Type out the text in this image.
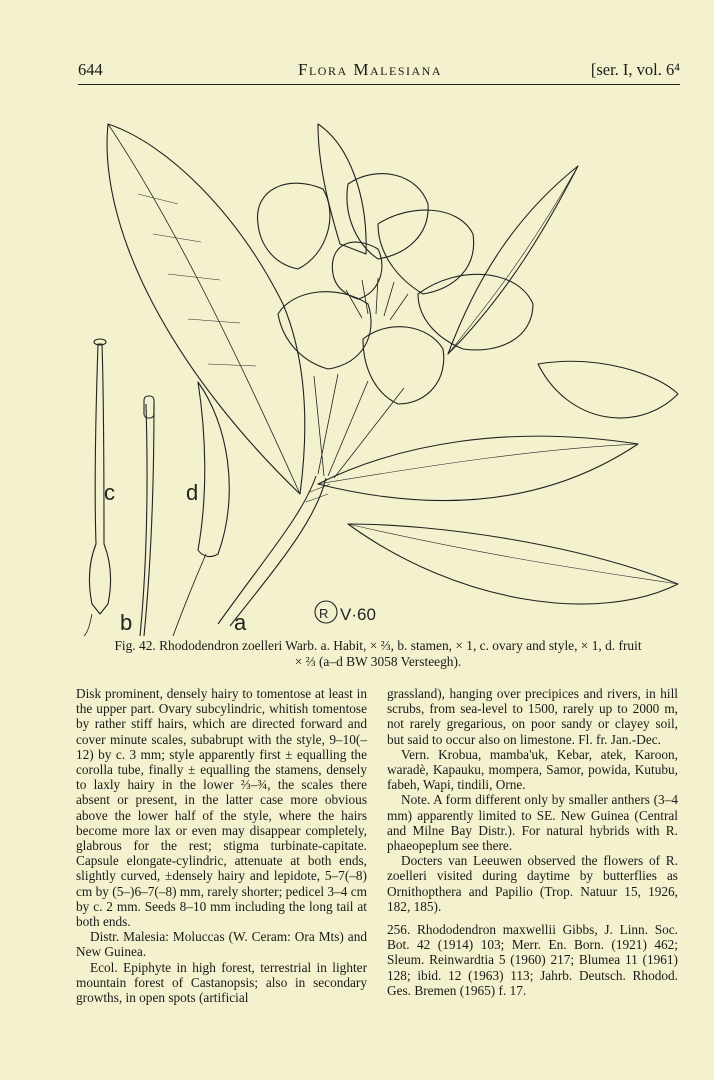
644	Flora Malesiana	[ser. I, vol. 6⁴
c	d
b	a	R V·60
Fig. 42. Rhododendron zoelleri Warb. a. Habit, × ⅔, b. stamen, × 1, c. ovary and style, × 1, d. fruit
× ⅔ (a–d BW 3058 Versteegh).

Disk prominent, densely hairy to tomentose at least in the upper part. Ovary subcylindric, whitish tomentose by rather stiff hairs, which are directed forward and cover minute scales, subabrupt with the style, 9–10(–12) by c. 3 mm; style apparently first ± equalling the corolla tube, finally ± equalling the stamens, densely to laxly hairy in the lower ⅔–¾, the scales there absent or present, in the latter case more obvious above the lower half of the style, where the hairs become more lax or even may disappear completely, glabrous for the rest; stigma turbinate-capitate. Capsule elongate-cylindric, attenuate at both ends, slightly curved, ±densely hairy and lepidote, 5–7(–8) cm by (5–)6–7(–8) mm, rarely shorter; pedicel 3–4 cm by c. 2 mm. Seeds 8–10 mm including the long tail at both ends.

Distr. Malesia: Moluccas (W. Ceram: Ora Mts) and New Guinea.

Ecol. Epiphyte in high forest, terrestrial in lighter mountain forest of Castanopsis; also in secondary growths, in open spots (artificial

grassland), hanging over precipices and rivers, in hill scrubs, from sea-level to 1500, rarely up to 2000 m, not rarely gregarious, on poor sandy or clayey soil, but said to occur also on limestone. Fl. fr. Jan.-Dec.

Vern. Krobua, mamba'uk, Kebar, atek, Karoon, waradè, Kapauku, mompera, Samor, powida, Kutubu, fabeh, Wapi, tindili, Orne.

Note. A form different only by smaller anthers (3–4 mm) apparently limited to SE. New Guinea (Central and Milne Bay Distr.). For natural hybrids with R. phaeopeplum see there.

Docters van Leeuwen observed the flowers of R. zoelleri visited during daytime by butterflies as Ornithopthera and Papilio (Trop. Natuur 15, 1926, 182, 185).

256. Rhododendron maxwellii Gibbs, J. Linn. Soc. Bot. 42 (1914) 103; Merr. En. Born. (1921) 462; Sleum. Reinwardtia 5 (1960) 217; Blumea 11 (1961) 128; ibid. 12 (1963) 113; Jahrb. Deutsch. Rhodod. Ges. Bremen (1965) f. 17.
